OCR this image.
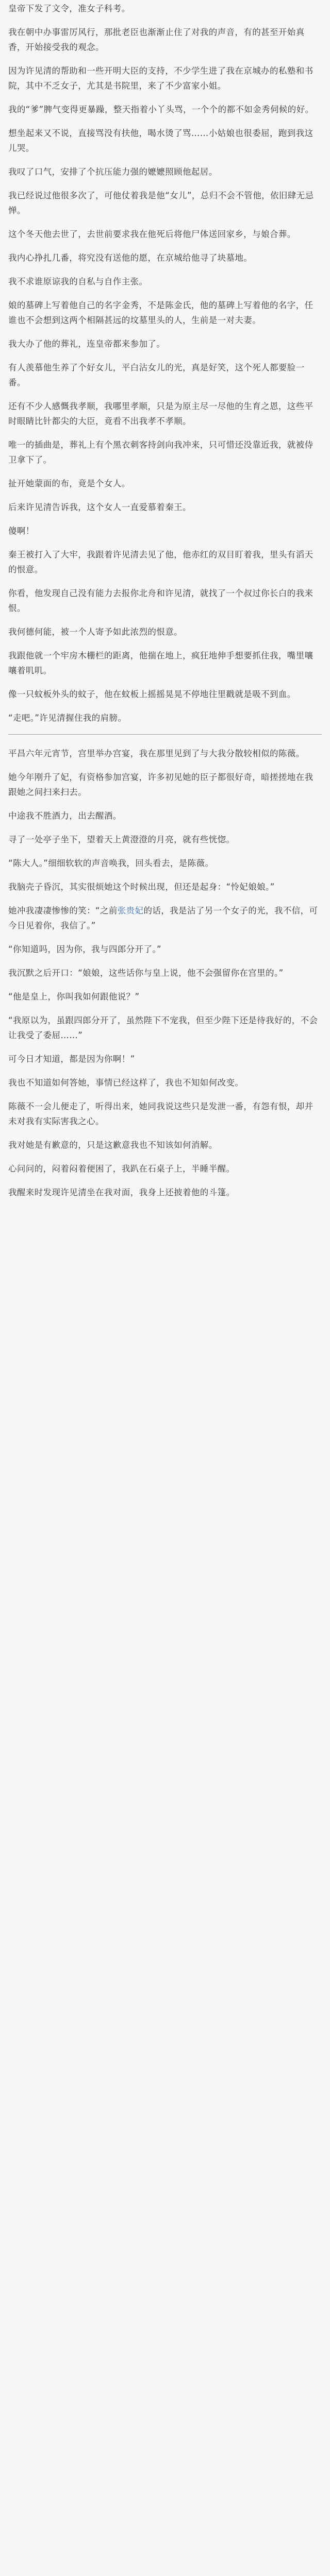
皇帝下发了文令，准女子科考。

我在朝中办事雷厉风行，那批老臣也渐渐止住了对我的声音，有的甚至开始真香，开始接受我的观念。

因为许见清的帮助和一些开明大臣的支持，不少学生进了我在京城办的私塾和书院，其中不乏女子，尤其是书院里，来了不少富家小姐。

我的“爹”脾气变得更暴躁，整天指着小丫头骂，一个个的都不如金秀伺候的好。

想坐起来又不说，直接骂没有扶他，喝水烫了骂……小姑娘也很委屈，跑到我这儿哭。

我叹了口气，安排了个抗压能力强的嬷嬷照顾他起居。

我已经说过他很多次了，可他仗着我是他“女儿”，总归不会不管他，依旧肆无忌惮。

这个冬天他去世了，去世前要求我在他死后将他尸体送回家乡，与娘合葬。

我内心挣扎几番，将究没有送他的愿，在京城给他寻了块墓地。

我不求谁原谅我的自私与自作主张。

娘的墓碑上写着他自己的名字金秀，不是陈金氏，他的墓碑上写着他的名字，任谁也不会想到这两个相隔甚远的坟墓里头的人，生前是一对夫妻。

我大办了他的葬礼，连皇帝都来参加了。

有人羡慕他生养了个好女儿，平白沾女儿的光，真是好笑，这个死人都要脸一番。

还有不少人感慨我孝顺，我哪里孝顺，只是为原主尽一尽他的生育之恩，这些平时眼睛比针都尖的大臣，竟看不出我孝不孝顺。

唯一的插曲是，葬礼上有个黑衣刺客持剑向我冲来，只可惜还没靠近我，就被侍卫拿下了。

扯开她蒙面的布，竟是个女人。

后来许见清告诉我，这个女人一直爱慕着秦王。

傻啊！

秦王被打入了大牢，我跟着许见清去见了他，他赤红的双目盯着我，里头有滔天的恨意。

你看，他发现自己没有能力去报你北舟和许见清，就找了一个叔过你长白的我来恨。

我何德何能，被一个人寄予如此浓烈的恨意。

我跟他就一个牢房木栅栏的距离，他揣在地上，疯狂地伸手想要抓住我，嘴里嚷嚷着叽叽。

像一只蚊板外头的蚊子，他在蚊板上摇摇晃晃不停地往里戳就是吸不到血。

“走吧。”许见清握住我的肩膀。

平昌六年元宵节，宫里举办宫宴，我在那里见到了与大我分散较相似的陈薇。

她今年刚升了妃，有资格参加宫宴，许多初见她的臣子都很好奇，暗搓搓地在我跟她之间扫来扫去。

中途我不胜酒力，出去醒酒。

寻了一处亭子坐下，望着天上黄澄澄的月亮，就有些恍惚。

“陈大人。”细细软软的声音唤我，回头看去，是陈薇。

我脑壳子昏沉，其实很烦她这个时候出现，但还是起身：“怜妃娘娘。”

她冲我凄凄惨惨的笑：“之前张贵妃的话，我是沾了另一个女子的光，我不信，可今日见着你，我信了。”

“你知道吗，因为你，我与四郎分开了。”

我沉默之后开口：“娘娘，这些话你与皇上说，他不会强留你在宫里的。”

“他是皇上，你叫我如何跟他说？”

“我原以为，虽跟四郎分开了，虽然陛下不宠我，但至少陛下还是待我好的，不会让我受了委屈……”

可今日才知道，都是因为你啊！”

我也不知道如何答她，事情已经这样了，我也不知如何改变。

陈薇不一会儿便走了，听得出来，她同我说这些只是发泄一番，有怨有恨，却并未对我有实际害我之心。

我对她是有歉意的，只是这歉意我也不知该如何消解。

心问问的，闷着闷着便困了，我趴在石桌子上，半睡半醒。

我醒来时发现许见清坐在我对面，我身上还披着他的斗篷。
